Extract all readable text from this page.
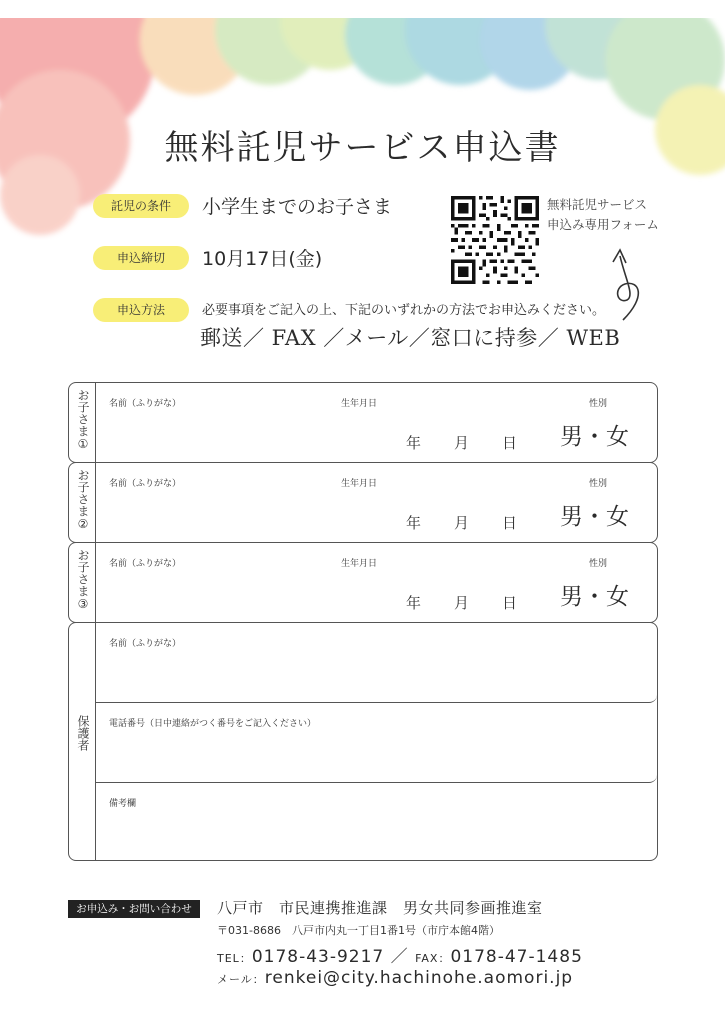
無料託児サービス申込書
託児の条件	小学生までのお子さま
申込締切	10月17日(金)
申込方法	必要事項をご記入の上、下記のいずれかの方法でお申込みください。
郵送／ FAX ／メール／窓口に持参／ WEB
無料託児サービス
申込み専用フォーム
お子さま①	名前（ふりがな）	生年月日	性別
年 月 日 男・女
お子さま②	名前（ふりがな）	生年月日	性別
年 月 日 男・女
お子さま③	名前（ふりがな）	生年月日	性別
年 月 日 男・女
保護者
名前（ふりがな）
電話番号（日中連絡がつく番号をご記入ください）
備考欄
お申込み・お問い合わせ	八戸市　市民連携推進課　男女共同参画推進室
〒031-8686　八戸市内丸一丁目1番1号（市庁本館4階）
TEL：0178-43-9217 ／ FAX：0178-47-1485
メール：renkei@city.hachinohe.aomori.jp
